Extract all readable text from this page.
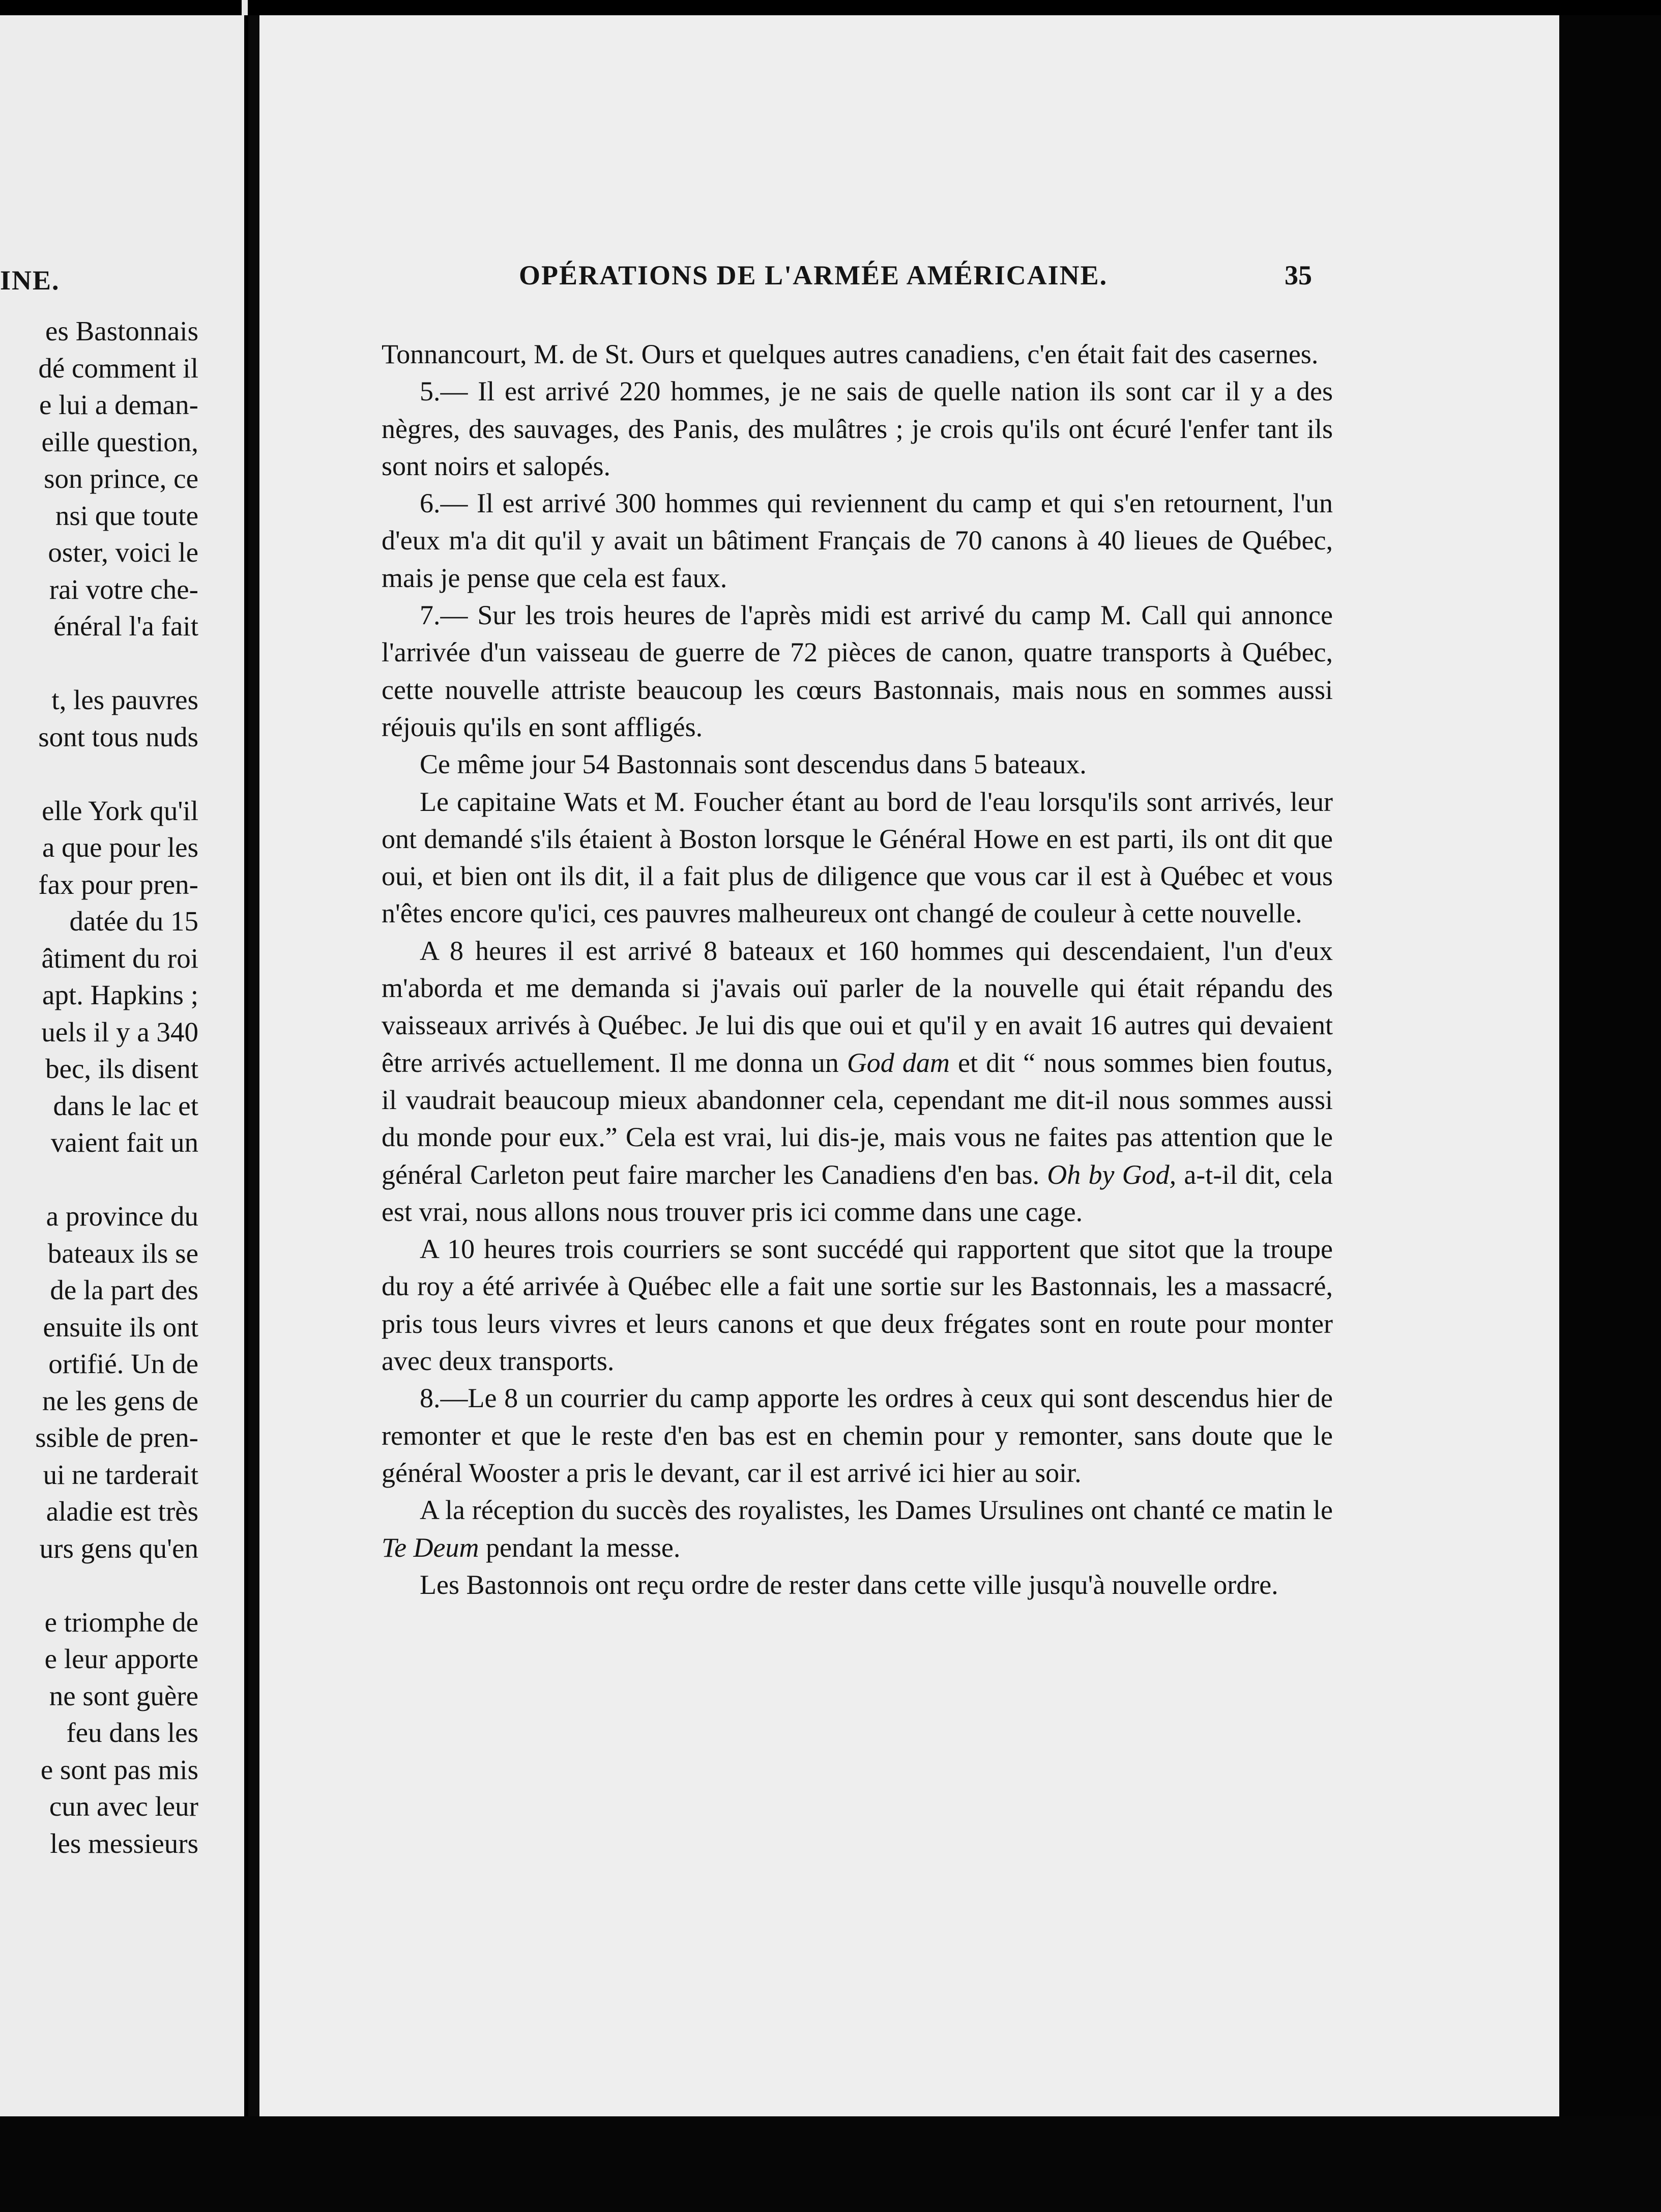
INE.
es Bastonnais
dé comment il
e lui a deman-
eille question,
son prince, ce
nsi que toute
oster, voici le
rai votre che-
énéral l'a fait
t, les pauvres
sont tous nuds
elle York qu'il
a que pour les
fax pour pren-
datée du 15
âtiment du roi
apt. Hapkins ;
uels il y a 340
bec, ils disent
dans le lac et
vaient fait un
a province du
bateaux ils se
de la part des
ensuite ils ont
ortifié. Un de
ne les gens de
ssible de pren-
ui ne tarderait
aladie est très
urs gens qu'en
e triomphe de
e leur apporte
ne sont guère
feu dans les
e sont pas mis
cun avec leur
les messieurs
OPÉRATIONS DE L'ARMÉE AMÉRICAINE.	35

Tonnancourt, M. de St. Ours et quelques autres canadiens, c'en était fait des casernes.

5.— Il est arrivé 220 hommes, je ne sais de quelle nation ils sont car il y a des nègres, des sauvages, des Panis, des mulâtres ; je crois qu'ils ont écuré l'enfer tant ils sont noirs et salopés.

6.— Il est arrivé 300 hommes qui reviennent du camp et qui s'en retournent, l'un d'eux m'a dit qu'il y avait un bâtiment Français de 70 canons à 40 lieues de Québec, mais je pense que cela est faux.

7.— Sur les trois heures de l'après midi est arrivé du camp M. Call qui annonce l'arrivée d'un vaisseau de guerre de 72 pièces de canon, quatre transports à Québec, cette nouvelle attriste beaucoup les cœurs Bastonnais, mais nous en sommes aussi réjouis qu'ils en sont affligés.

Ce même jour 54 Bastonnais sont descendus dans 5 bateaux.

Le capitaine Wats et M. Foucher étant au bord de l'eau lorsqu'ils sont arrivés, leur ont demandé s'ils étaient à Boston lorsque le Général Howe en est parti, ils ont dit que oui, et bien ont ils dit, il a fait plus de diligence que vous car il est à Québec et vous n'êtes encore qu'ici, ces pauvres malheureux ont changé de couleur à cette nouvelle.

A 8 heures il est arrivé 8 bateaux et 160 hommes qui descendaient, l'un d'eux m'aborda et me demanda si j'avais ouï parler de la nouvelle qui était répandu des vaisseaux arrivés à Québec. Je lui dis que oui et qu'il y en avait 16 autres qui devaient être arrivés actuellement. Il me donna un God dam et dit “ nous sommes bien foutus, il vaudrait beaucoup mieux abandonner cela, cependant me dit-il nous sommes aussi du monde pour eux.” Cela est vrai, lui dis-je, mais vous ne faites pas attention que le général Carleton peut faire marcher les Canadiens d'en bas. Oh by God, a-t-il dit, cela est vrai, nous allons nous trouver pris ici comme dans une cage.

A 10 heures trois courriers se sont succédé qui rapportent que sitot que la troupe du roy a été arrivée à Québec elle a fait une sortie sur les Bastonnais, les a massacré, pris tous leurs vivres et leurs canons et que deux frégates sont en route pour monter avec deux transports.

8.—Le 8 un courrier du camp apporte les ordres à ceux qui sont descendus hier de remonter et que le reste d'en bas est en chemin pour y remonter, sans doute que le général Wooster a pris le devant, car il est arrivé ici hier au soir.

A la réception du succès des royalistes, les Dames Ursulines ont chanté ce matin le Te Deum pendant la messe.

Les Bastonnois ont reçu ordre de rester dans cette ville jusqu'à nouvelle ordre.
